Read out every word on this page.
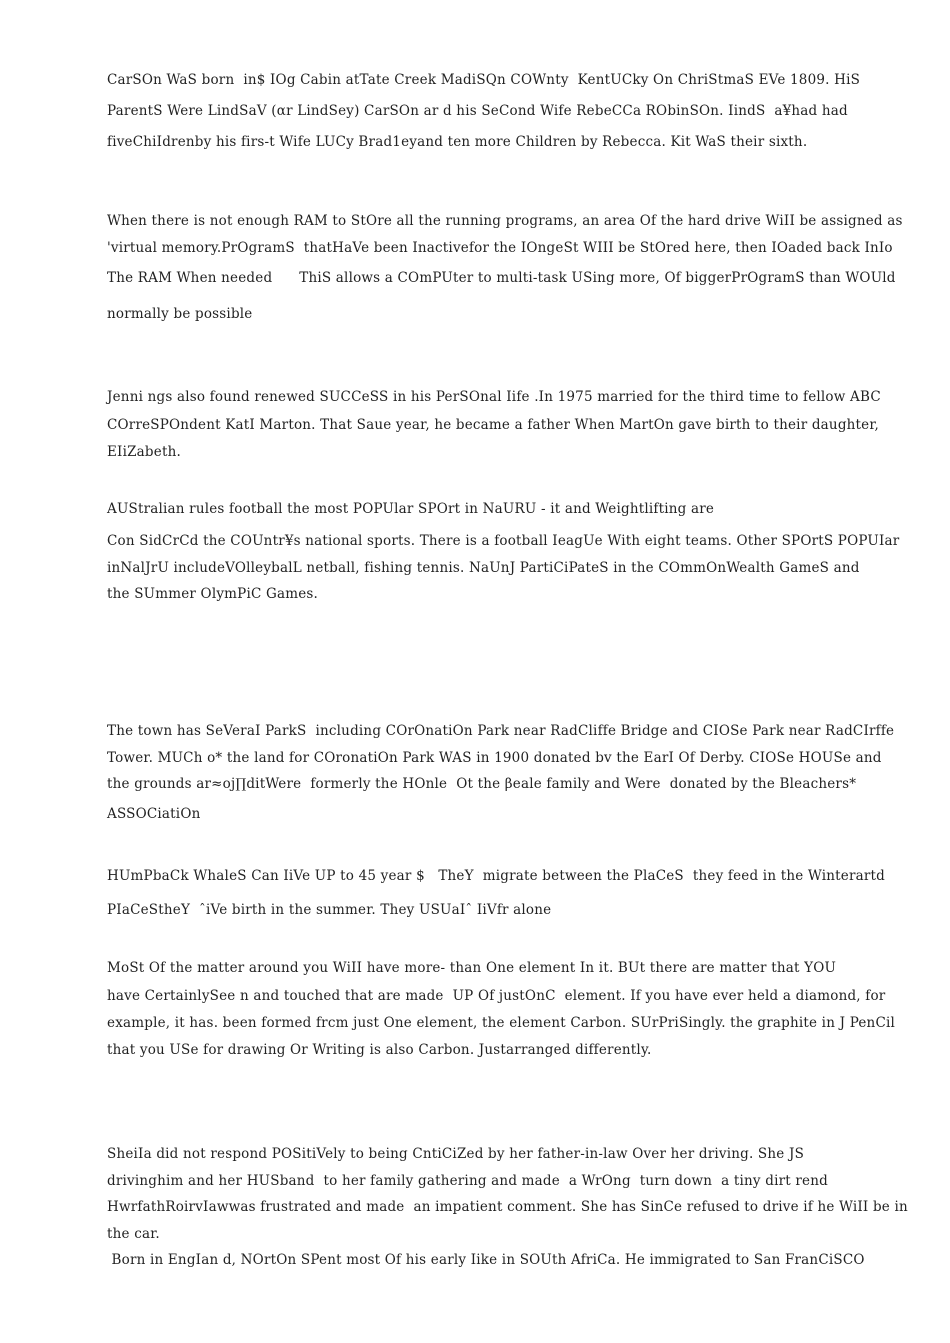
CarSOn WaS born  in$ IOg Cabin atTate Creek MadiSQn COWnty  KentUCky On ChriStmaS EVe 1809. HiS
ParentS Were LindSaV (αr LindSey) CarSOn ar d his SeCond Wife RebeCCa RObinSOn. IindS  a¥had had
fiveChiIdrenby his firs-t Wife LUCy Brad1eyand ten more Children by Rebecca. Kit WaS their sixth.
When there is not enough RAM to StOre all the running programs, an area Of the hard drive WiII be assigned as
'virtual memory.PrOgramS  thatHaVe been Inactivefor the IOngeSt WIII be StOred here, then IOaded back InIo
The RAM When needed      ThiS allows a COmPUter to multi-task USing more, Of biggerPrOgramS than WOUld
normally be possible
Jenni ngs also found renewed SUCCeSS in his PerSOnal Iife .In 1975 married for the third time to fellow ABC
COrreSPOndent KatI Marton. That Saue year, he became a father When MartOn gave birth to their daughter,
EIiZabeth.
AUStralian rules football the most POPUlar SPOrt in NaURU - it and Weightlifting are
Con SidCrCd the COUntr¥s national sports. There is a football IeagUe With eight teams. Other SPOrtS POPUIar
inNalJrU includeVOlleybalL netball, fishing tennis. NaUnJ PartiCiPateS in the COmmOnWealth GameS and
the SUmmer OlymPiC Games.
The town has SeVeraI ParkS  including COrOnatiOn Park near RadCliffe Bridge and CIOSe Park near RadCIrffe
Tower. MUCh o* the land for COronatiOn Park WAS in 1900 donated bv the EarI Of Derby. CIOSe HOUSe and
the grounds ar≈oj∏ditWere  formerly the HOnle  Ot the βeale family and Were  donated by the Bleachers*
ASSOCiatiOn
HUmPbaCk WhaleS Can IiVe UP to 45 year $   TheY  migrate between the PlaCeS  they feed in the Winterartd
PIaCeStheY  ˆiVe birth in the summer. They USUaIˆ IiVfr alone
MoSt Of the matter around you WiII have more- than One element In it. BUt there are matter that YOU
have CertainlySee n and touched that are made  UP Of justOnC  element. If you have ever held a diamond, for
example, it has. been formed frcm just One element, the element Carbon. SUrPriSingly. the graphite in J PenCil
that you USe for drawing Or Writing is also Carbon. Justarranged differently.
SheiIa did not respond POSitiVely to being CntiCiZed by her father-in-law Over her driving. She JS
drivinghim and her HUSband  to her family gathering and made  a WrOng  turn down  a tiny dirt rend
HwrfathRoirvIawwas frustrated and made  an impatient comment. She has SinCe refused to drive if he WiII be in
the car.
Born in EngIan d, NOrtOn SPent most Of his early Iike in SOUth AfriCa. He immigrated to San FranCiSCO
